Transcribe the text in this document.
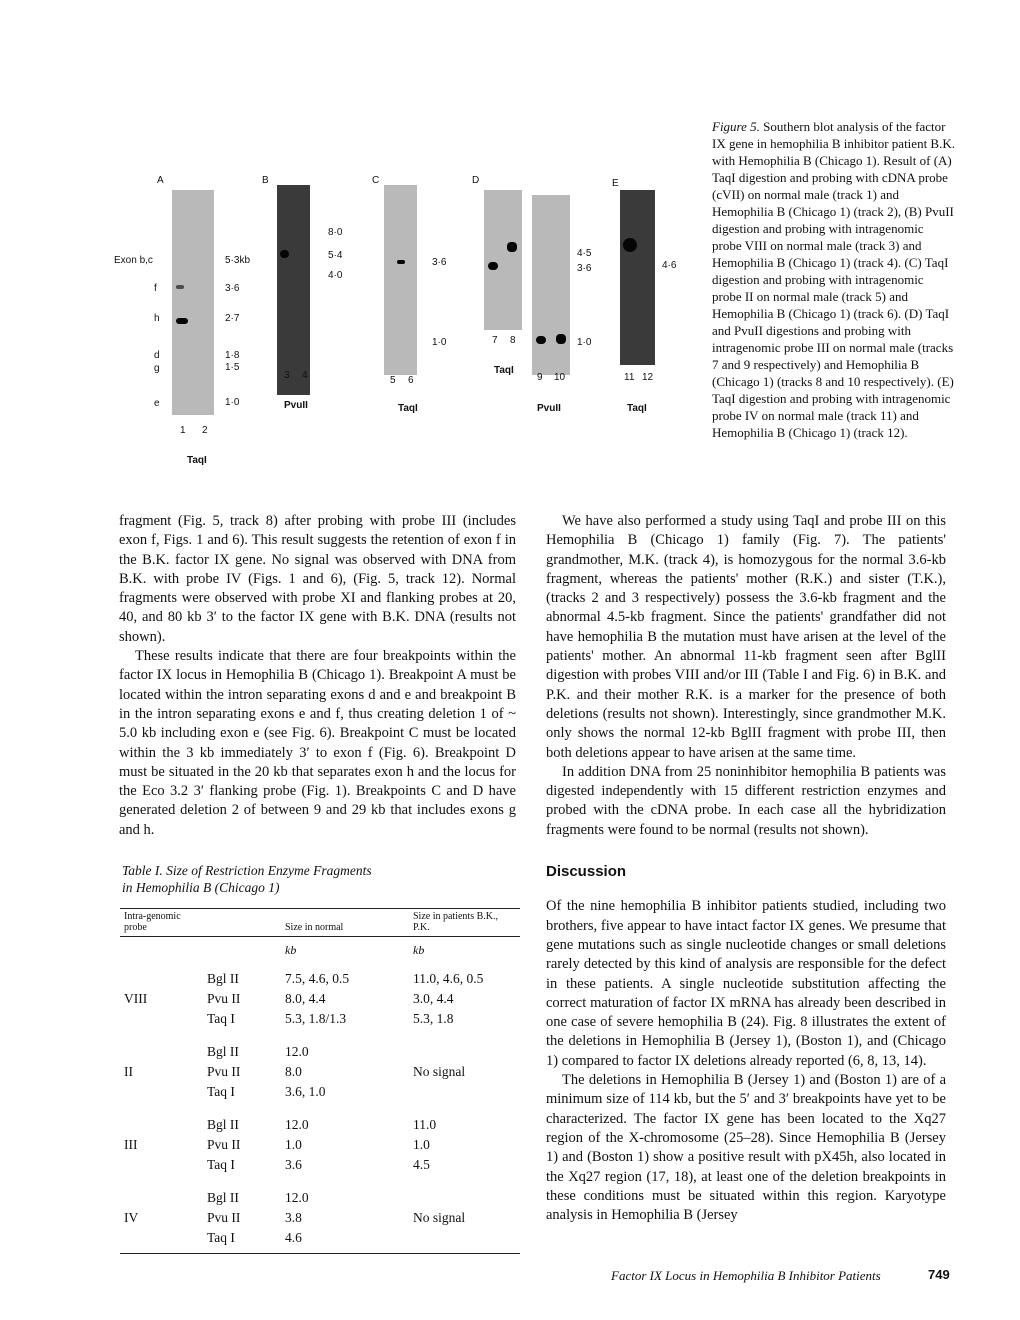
A
Exon b,c
f
h
d
g
e
5·3kb
3·6
2·7
1·8
1·5
1·0
1 2
TaqI
B
8·0
5·4
4·0
3 4
PvuII
C
3·6
1·0
5 6
TaqI
D
7 8
TaqI
4·5
3·6
1·0
9 10
PvuII
E
4·6
11 12
TaqI
Figure 5. Southern blot analysis of the factor IX gene in hemophilia B inhibitor patient B.K. with Hemophilia B (Chicago 1). Result of (A) TaqI digestion and probing with cDNA probe (cVII) on normal male (track 1) and Hemophilia B (Chicago 1) (track 2), (B) PvuII digestion and probing with intragenomic probe VIII on normal male (track 3) and Hemophilia B (Chicago 1) (track 4). (C) TaqI digestion and probing with intragenomic probe II on normal male (track 5) and Hemophilia B (Chicago 1) (track 6). (D) TaqI and PvuII digestions and probing with intragenomic probe III on normal male (tracks 7 and 9 respectively) and Hemophilia B (Chicago 1) (tracks 8 and 10 respectively). (E) TaqI digestion and probing with intragenomic probe IV on normal male (track 11) and Hemophilia B (Chicago 1) (track 12).

fragment (Fig. 5, track 8) after probing with probe III (includes exon f, Figs. 1 and 6). This result suggests the retention of exon f in the B.K. factor IX gene. No signal was observed with DNA from B.K. with probe IV (Figs. 1 and 6), (Fig. 5, track 12). Normal fragments were observed with probe XI and flanking probes at 20, 40, and 80 kb 3′ to the factor IX gene with B.K. DNA (results not shown).

These results indicate that there are four breakpoints within the factor IX locus in Hemophilia B (Chicago 1). Breakpoint A must be located within the intron separating exons d and e and breakpoint B in the intron separating exons e and f, thus creating deletion 1 of ~ 5.0 kb including exon e (see Fig. 6). Breakpoint C must be located within the 3 kb immediately 3′ to exon f (Fig. 6). Breakpoint D must be situated in the 20 kb that separates exon h and the locus for the Eco 3.2 3′ flanking probe (Fig. 1). Breakpoints C and D have generated deletion 2 of between 9 and 29 kb that includes exons g and h.

Table I. Size of Restriction Enzyme Fragments
in Hemophilia B (Chicago 1)
Intra-genomic probe		Size in normal	Size in patients B.K., P.K.
		kb	kb
	Bgl II	7.5, 4.6, 0.5	11.0, 4.6, 0.5
VIII	Pvu II	8.0, 4.4	3.0, 4.4
	Taq I	5.3, 1.8/1.3	5.3, 1.8
	Bgl II	12.0	
II	Pvu II	8.0	No signal
	Taq I	3.6, 1.0	
	Bgl II	12.0	11.0
III	Pvu II	1.0	1.0
	Taq I	3.6	4.5
	Bgl II	12.0	
IV	Pvu II	3.8	No signal
	Taq I	4.6	

We have also performed a study using TaqI and probe III on this Hemophilia B (Chicago 1) family (Fig. 7). The patients' grandmother, M.K. (track 4), is homozygous for the normal 3.6-kb fragment, whereas the patients' mother (R.K.) and sister (T.K.), (tracks 2 and 3 respectively) possess the 3.6-kb fragment and the abnormal 4.5-kb fragment. Since the patients' grandfather did not have hemophilia B the mutation must have arisen at the level of the patients' mother. An abnormal 11-kb fragment seen after BglII digestion with probes VIII and/or III (Table I and Fig. 6) in B.K. and P.K. and their mother R.K. is a marker for the presence of both deletions (results not shown). Interestingly, since grandmother M.K. only shows the normal 12-kb BglII fragment with probe III, then both deletions appear to have arisen at the same time.

In addition DNA from 25 noninhibitor hemophilia B patients was digested independently with 15 different restriction enzymes and probed with the cDNA probe. In each case all the hybridization fragments were found to be normal (results not shown).

Discussion

Of the nine hemophilia B inhibitor patients studied, including two brothers, five appear to have intact factor IX genes. We presume that gene mutations such as single nucleotide changes or small deletions rarely detected by this kind of analysis are responsible for the defect in these patients. A single nucleotide substitution affecting the correct maturation of factor IX mRNA has already been described in one case of severe hemophilia B (24). Fig. 8 illustrates the extent of the deletions in Hemophilia B (Jersey 1), (Boston 1), and (Chicago 1) compared to factor IX deletions already reported (6, 8, 13, 14).

The deletions in Hemophilia B (Jersey 1) and (Boston 1) are of a minimum size of 114 kb, but the 5′ and 3′ breakpoints have yet to be characterized. The factor IX gene has been located to the Xq27 region of the X-chromosome (25–28). Since Hemophilia B (Jersey 1) and (Boston 1) show a positive result with pX45h, also located in the Xq27 region (17, 18), at least one of the deletion breakpoints in these conditions must be situated within this region. Karyotype analysis in Hemophilia B (Jersey

Factor IX Locus in Hemophilia B Inhibitor Patients	749
